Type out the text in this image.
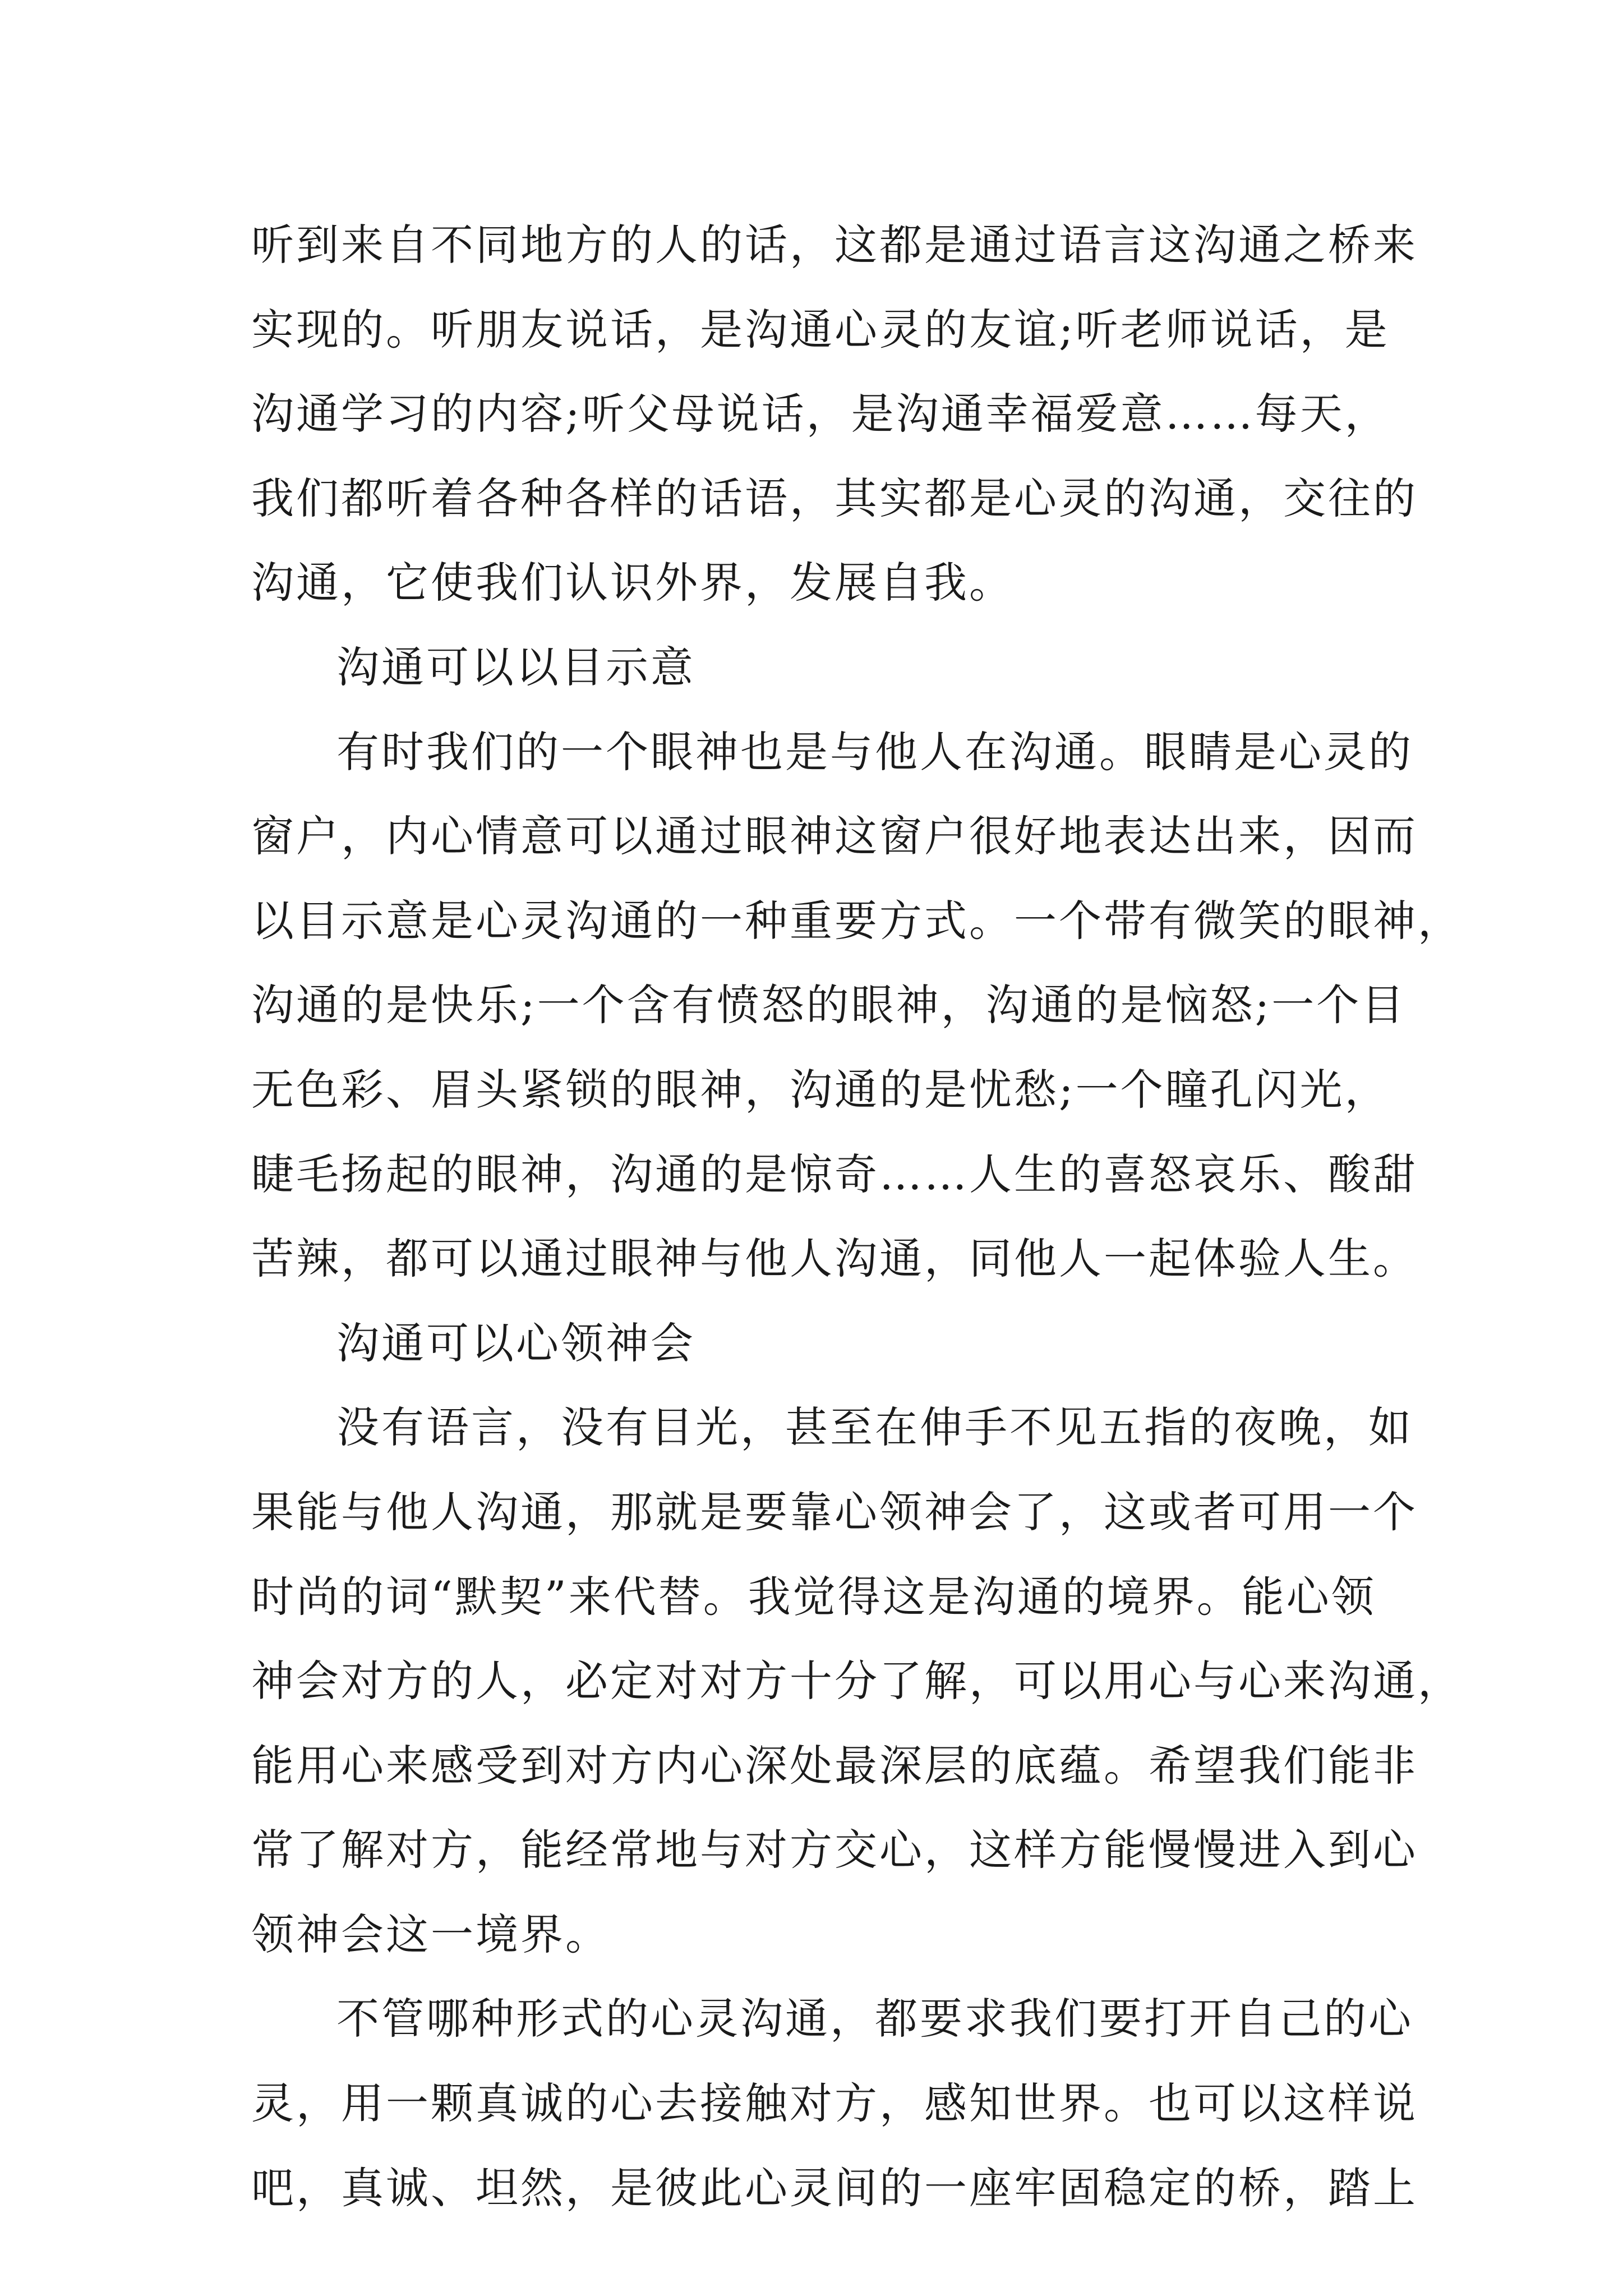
听到来自不同地方的人的话，这都是通过语言这沟通之桥来
实现的。听朋友说话，是沟通心灵的友谊;听老师说话，是
沟通学习的内容;听父母说话，是沟通幸福爱意……每天，
我们都听着各种各样的话语，其实都是心灵的沟通，交往的
沟通，它使我们认识外界，发展自我。
沟通可以以目示意
有时我们的一个眼神也是与他人在沟通。眼睛是心灵的
窗户，内心情意可以通过眼神这窗户很好地表达出来，因而
以目示意是心灵沟通的一种重要方式。一个带有微笑的眼神，
沟通的是快乐;一个含有愤怒的眼神，沟通的是恼怒;一个目
无色彩、眉头紧锁的眼神，沟通的是忧愁;一个瞳孔闪光，
睫毛扬起的眼神，沟通的是惊奇……人生的喜怒哀乐、酸甜
苦辣，都可以通过眼神与他人沟通，同他人一起体验人生。
沟通可以心领神会
没有语言，没有目光，甚至在伸手不见五指的夜晚，如
果能与他人沟通，那就是要靠心领神会了，这或者可用一个
时尚的词“默契”来代替。我觉得这是沟通的境界。能心领
神会对方的人，必定对对方十分了解，可以用心与心来沟通，
能用心来感受到对方内心深处最深层的底蕴。希望我们能非
常了解对方，能经常地与对方交心，这样方能慢慢进入到心
领神会这一境界。
不管哪种形式的心灵沟通，都要求我们要打开自己的心
灵，用一颗真诚的心去接触对方，感知世界。也可以这样说
吧，真诚、坦然，是彼此心灵间的一座牢固稳定的桥，踏上
